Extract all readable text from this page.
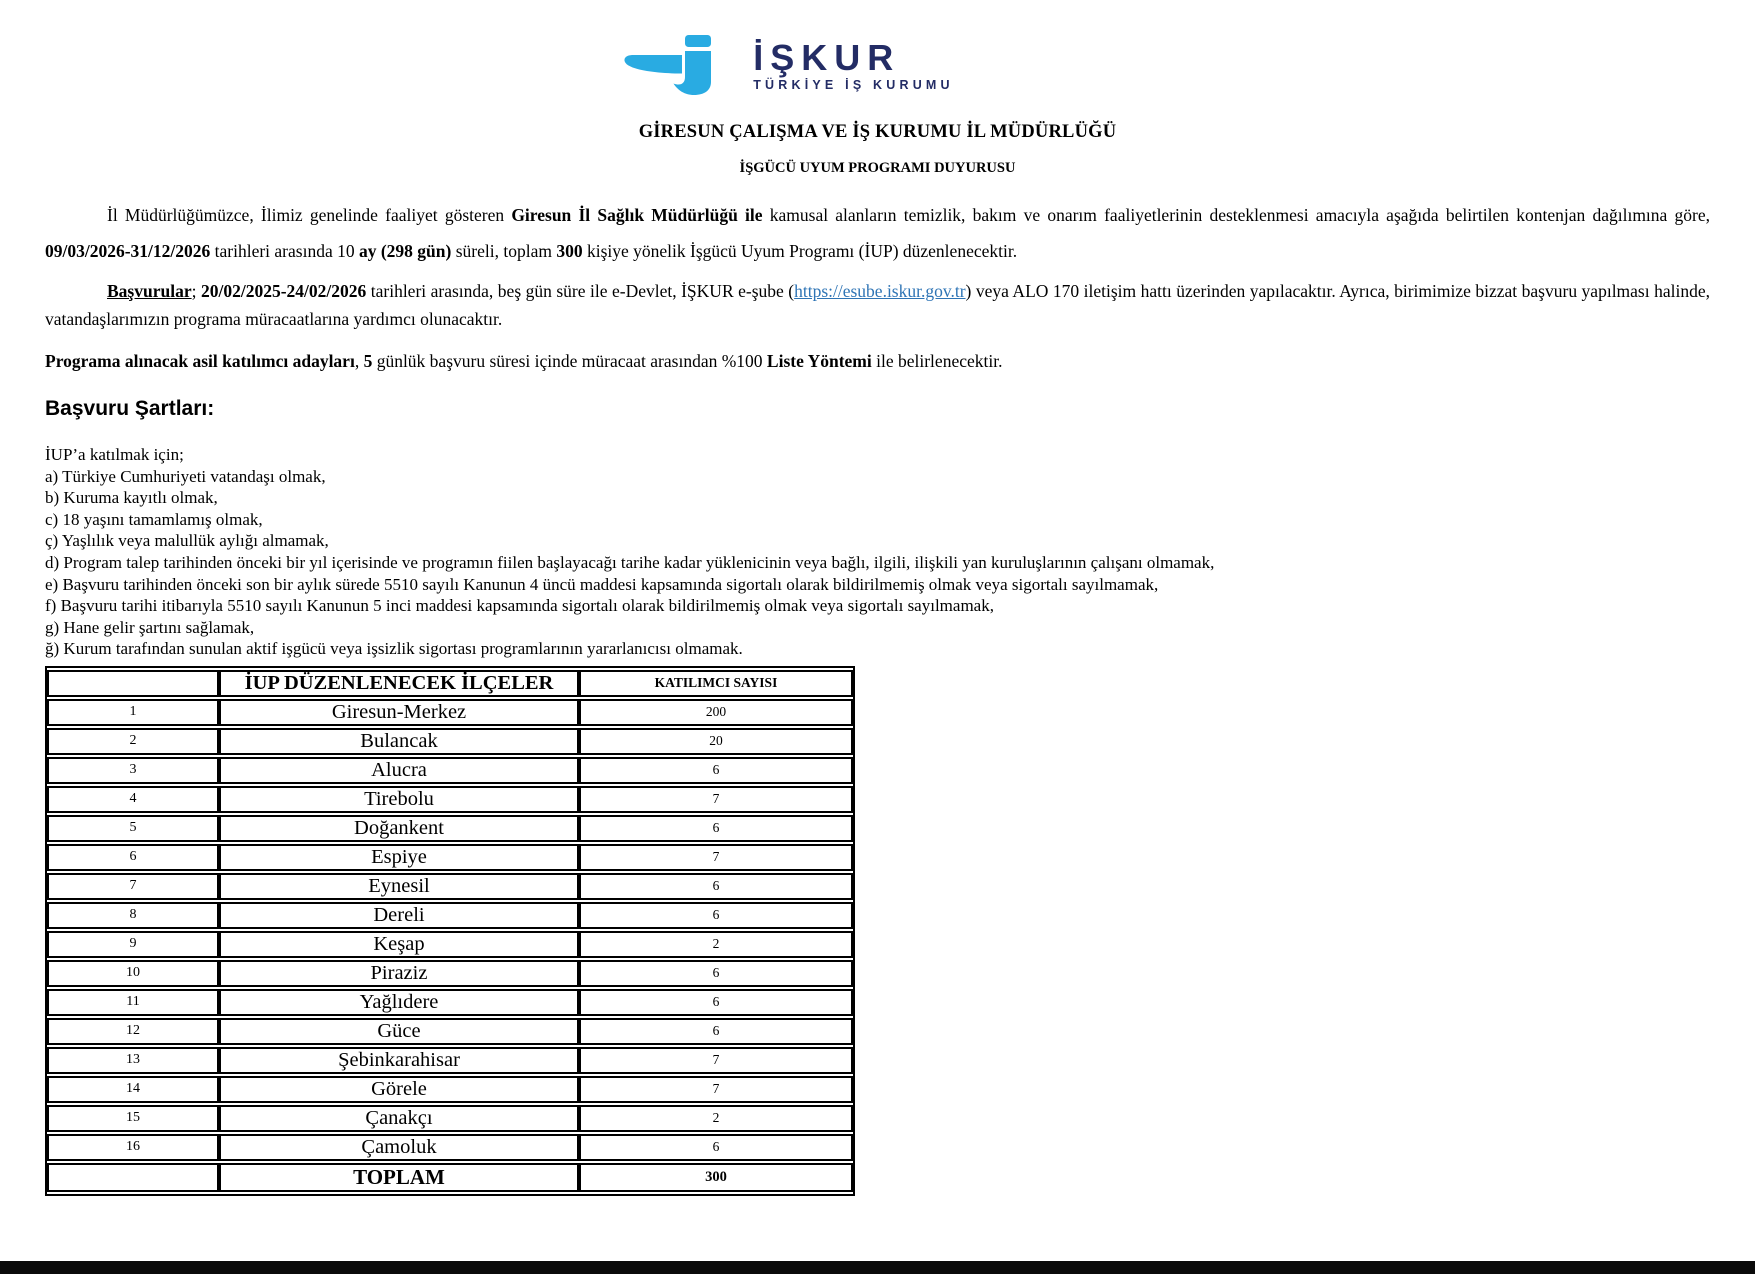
İŞKUR
TÜRKİYE İŞ KURUMU
GİRESUN ÇALIŞMA VE İŞ KURUMU İL MÜDÜRLÜĞÜ
İŞGÜCÜ UYUM PROGRAMI DUYURUSU

İl Müdürlüğümüzce, İlimiz genelinde faaliyet gösteren Giresun İl Sağlık Müdürlüğü ile kamusal alanların temizlik, bakım ve onarım faaliyetlerinin desteklenmesi amacıyla aşağıda belirtilen kontenjan dağılımına göre, 09/03/2026-31/12/2026 tarihleri arasında 10 ay (298 gün) süreli, toplam 300 kişiye yönelik İşgücü Uyum Programı (İUP) düzenlenecektir.

Başvurular; 20/02/2025-24/02/2026 tarihleri arasında, beş gün süre ile e-Devlet, İŞKUR e-şube (https://esube.iskur.gov.tr) veya ALO 170 iletişim hattı üzerinden yapılacaktır. Ayrıca, birimimize bizzat başvuru yapılması halinde, vatandaşlarımızın programa müracaatlarına yardımcı olunacaktır.

Programa alınacak asil katılımcı adayları, 5 günlük başvuru süresi içinde müracaat arasından %100 Liste Yöntemi ile belirlenecektir.

Başvuru Şartları:
İUP’a katılmak için;
a) Türkiye Cumhuriyeti vatandaşı olmak,
b) Kuruma kayıtlı olmak,
c) 18 yaşını tamamlamış olmak,
ç) Yaşlılık veya malullük aylığı almamak,
d) Program talep tarihinden önceki bir yıl içerisinde ve programın fiilen başlayacağı tarihe kadar yüklenicinin veya bağlı, ilgili, ilişkili yan kuruluşlarının çalışanı olmamak,
e) Başvuru tarihinden önceki son bir aylık sürede 5510 sayılı Kanunun 4 üncü maddesi kapsamında sigortalı olarak bildirilmemiş olmak veya sigortalı sayılmamak,
f) Başvuru tarihi itibarıyla 5510 sayılı Kanunun 5 inci maddesi kapsamında sigortalı olarak bildirilmemiş olmak veya sigortalı sayılmamak,
g) Hane gelir şartını sağlamak,
ğ) Kurum tarafından sunulan aktif işgücü veya işsizlik sigortası programlarının yararlanıcısı olmamak.
	İUP DÜZENLENECEK İLÇELER	KATILIMCI SAYISI
1	Giresun-Merkez	200
2	Bulancak	20
3	Alucra	6
4	Tirebolu	7
5	Doğankent	6
6	Espiye	7
7	Eynesil	6
8	Dereli	6
9	Keşap	2
10	Piraziz	6
11	Yağlıdere	6
12	Güce	6
13	Şebinkarahisar	7
14	Görele	7
15	Çanakçı	2
16	Çamoluk	6
	TOPLAM	300
